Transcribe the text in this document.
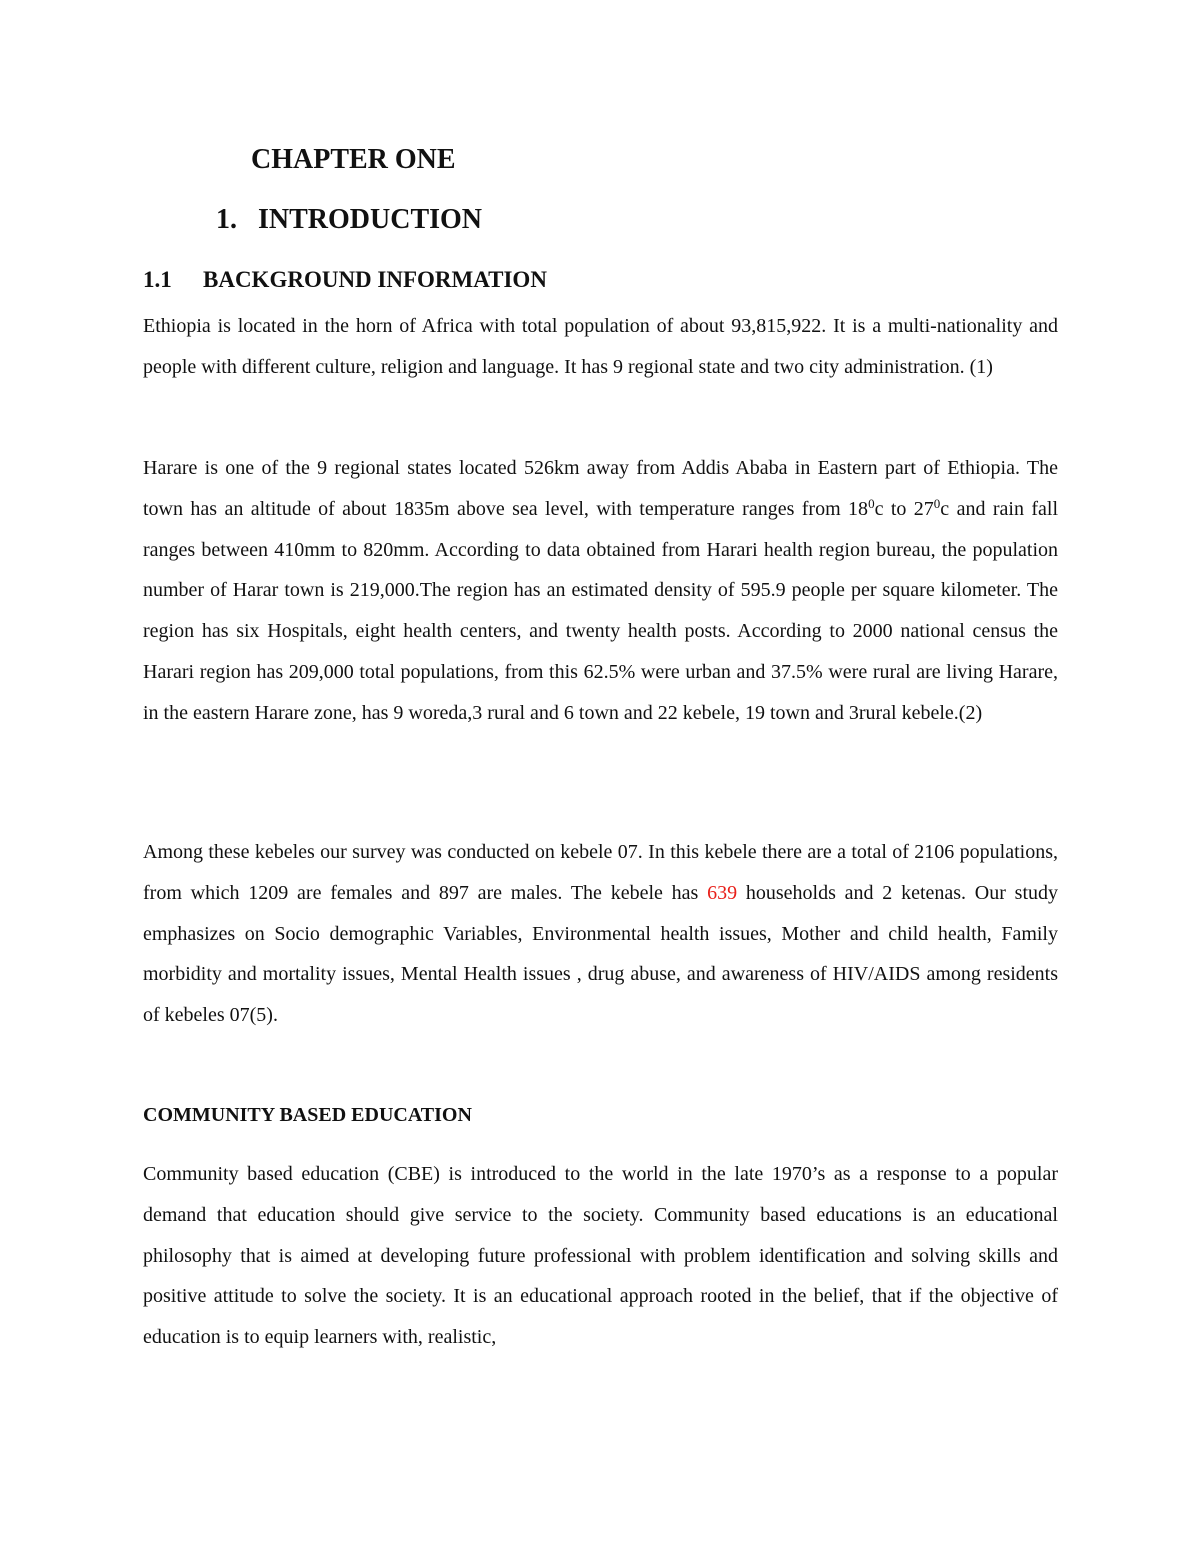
CHAPTER ONE
1. INTRODUCTION
1.1 BACKGROUND INFORMATION

Ethiopia is located in the horn of Africa with total population of about 93,815,922. It is a multi-nationality and people with different culture, religion and language. It has 9 regional state and two city administration. (1)

Harare is one of the 9 regional states located 526km away from Addis Ababa in Eastern part of Ethiopia. The town has an altitude of about 1835m above sea level, with temperature ranges from $18^0c$ to $27^0c$ and rain fall ranges between 410mm to 820mm. According to data obtained from Harari health region bureau, the population number of Harar town is 219,000.The region has an estimated density of 595.9 people per square kilometer. The region has six Hospitals, eight health centers, and twenty health posts. According to 2000 national census the Harari region has 209,000 total populations, from this 62.5% were urban and 37.5% were rural are living Harare, in the eastern Harare zone, has 9 woreda,3 rural and 6 town and 22 kebele, 19 town and 3rural kebele.(2)

Among these kebeles our survey was conducted on kebele 07. In this kebele there are a total of 2106 populations, from which 1209 are females and 897 are males. The kebele has 639 households and 2 ketenas. Our study emphasizes on Socio demographic Variables, Environmental health issues, Mother and child health, Family morbidity and mortality issues, Mental Health issues , drug abuse, and awareness of HIV/AIDS among residents of kebeles 07(5).

COMMUNITY BASED EDUCATION

Community based education (CBE) is introduced to the world in the late 1970’s as a response to a popular demand that education should give service to the society. Community based educations is an educational philosophy that is aimed at developing future professional with problem identification and solving skills and positive attitude to solve the society. It is an educational approach rooted in the belief, that if the objective of education is to equip learners with, realistic,
